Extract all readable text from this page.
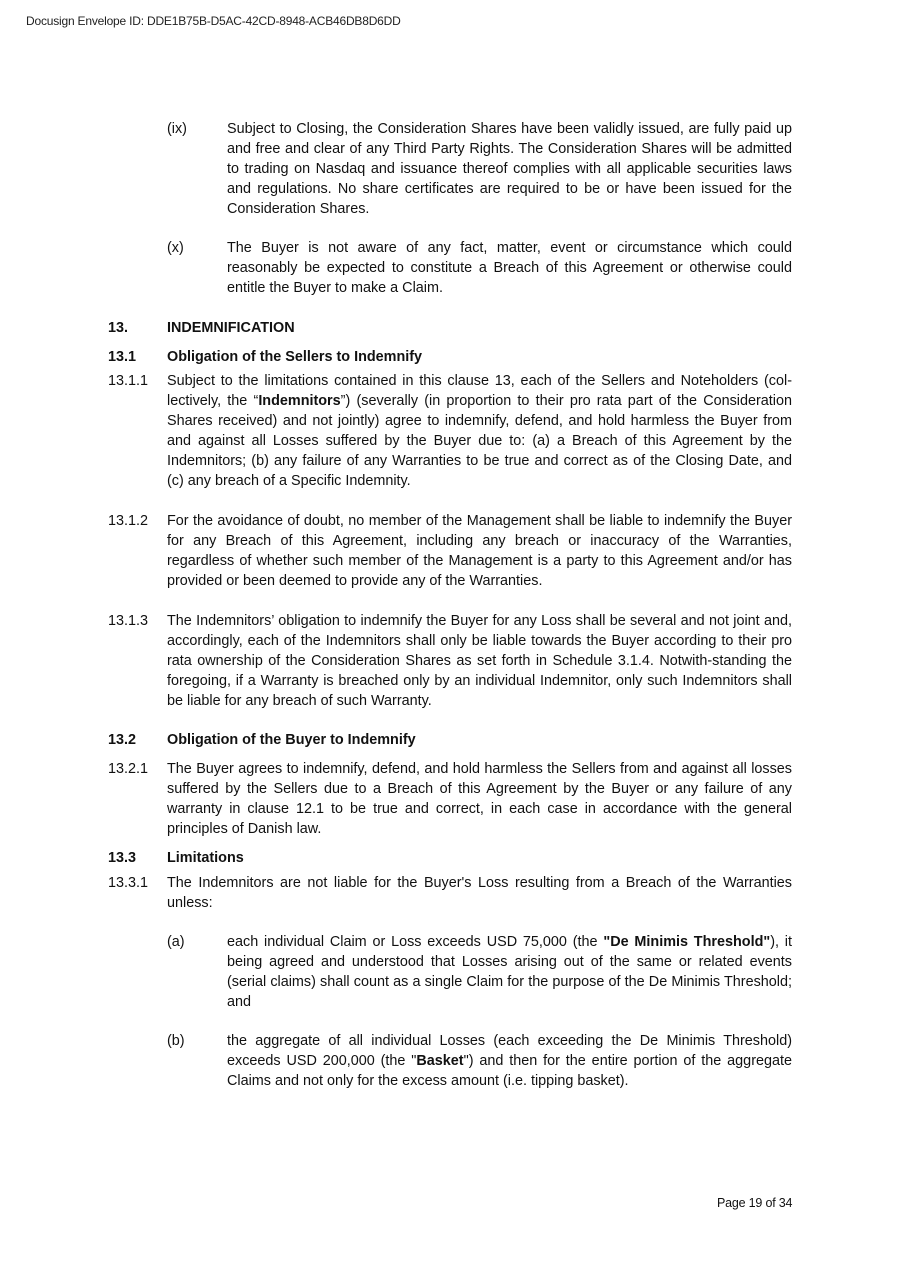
Docusign Envelope ID: DDE1B75B-D5AC-42CD-8948-ACB46DB8D6DD
(ix)	Subject to Closing, the Consideration Shares have been validly issued, are fully paid up and free and clear of any Third Party Rights. The Consideration Shares will be admitted to trading on Nasdaq and issuance thereof complies with all applicable securities laws and regulations. No share certificates are required to be or have been issued for the Consideration Shares.

(x)	The Buyer is not aware of any fact, matter, event or circumstance which could reasonably be expected to constitute a Breach of this Agreement or otherwise could entitle the Buyer to make a Claim.

13.	INDEMNIFICATION
13.1 Obligation of the Sellers to Indemnify
13.1.1 Subject to the limitations contained in this clause 13, each of the Sellers and Noteholders (col-lectively, the “Indemnitors”) (severally (in proportion to their pro rata part of the Consideration Shares received) and not jointly) agree to indemnify, defend, and hold harmless the Buyer from and against all Losses suffered by the Buyer due to: (a) a Breach of this Agreement by the Indemnitors; (b) any failure of any Warranties to be true and correct as of the Closing Date, and (c) any breach of a Specific Indemnity.

13.1.2 For the avoidance of doubt, no member of the Management shall be liable to indemnify the Buyer for any Breach of this Agreement, including any breach or inaccuracy of the Warranties, regardless of whether such member of the Management is a party to this Agreement and/or has provided or been deemed to provide any of the Warranties.

13.1.3 The Indemnitors’ obligation to indemnify the Buyer for any Loss shall be several and not joint and, accordingly, each of the Indemnitors shall only be liable towards the Buyer according to their pro rata ownership of the Consideration Shares as set forth in Schedule 3.1.4. Notwith-standing the foregoing, if a Warranty is breached only by an individual Indemnitor, only such Indemnitors shall be liable for any breach of such Warranty.

13.2 Obligation of the Buyer to Indemnify
13.2.1 The Buyer agrees to indemnify, defend, and hold harmless the Sellers from and against all losses suffered by the Sellers due to a Breach of this Agreement by the Buyer or any failure of any warranty in clause 12.1 to be true and correct, in each case in accordance with the general principles of Danish law.

13.3 Limitations
13.3.1 The Indemnitors are not liable for the Buyer's Loss resulting from a Breach of the Warranties unless:

(a)	each individual Claim or Loss exceeds USD 75,000 (the "De Minimis Threshold"), it being agreed and understood that Losses arising out of the same or related events (serial claims) shall count as a single Claim for the purpose of the De Minimis Threshold; and

(b)	the aggregate of all individual Losses (each exceeding the De Minimis Threshold) exceeds USD 200,000 (the "Basket") and then for the entire portion of the aggregate Claims and not only for the excess amount (i.e. tipping basket).

Page 19 of 34
